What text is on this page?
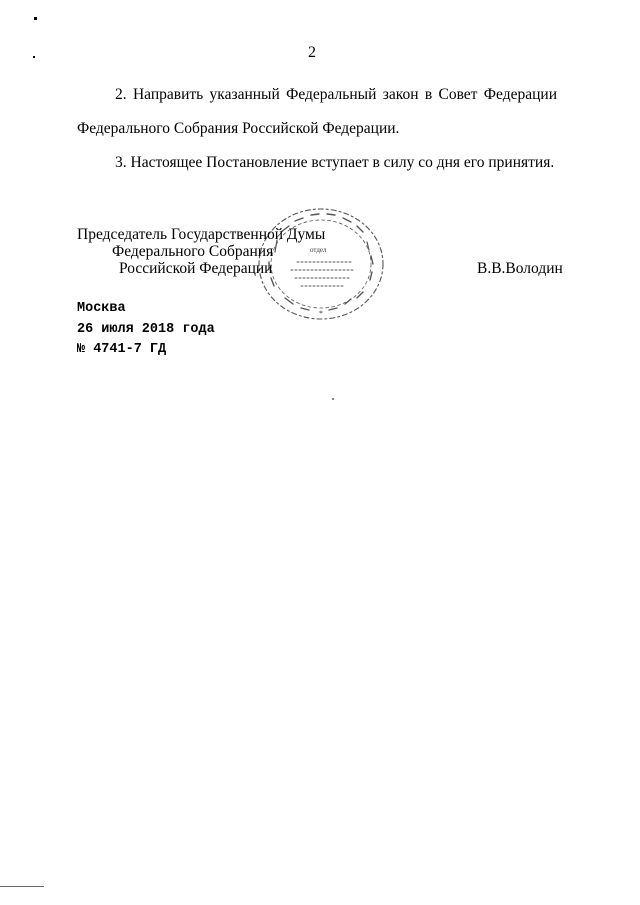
2
2. Направить указанный Федеральный закон в Совет Федерации
Федерального Собрания Российской Федерации.
3. Настоящее Постановление вступает в силу со дня его принятия.
отдел
*
Председатель Государственной Думы
Федерального Собрания
Российской Федерации	В.В.Володин
Москва
26 июля 2018 года
№ 4741-7 ГД
